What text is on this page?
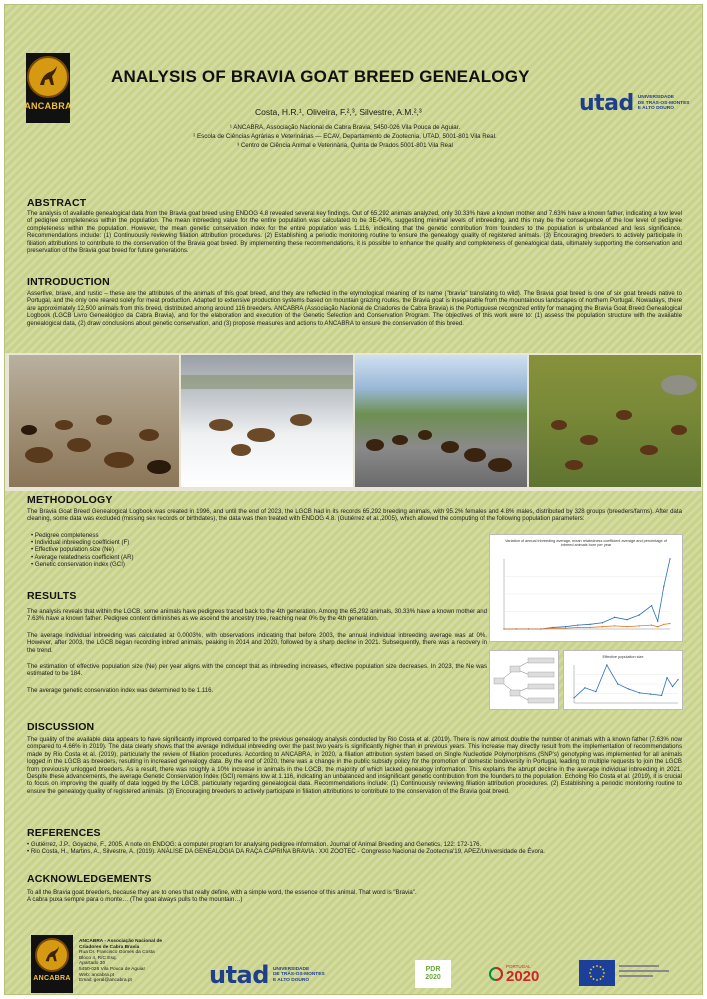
ANCABRA
ANALYSIS OF BRAVIA GOAT BREED GENEALOGY
Costa, H.R.¹, Oliveira, F.²,³, Silvestre, A.M.²,³
¹ ANCABRA, Associação Nacional de Cabra Bravia, 5450-026 Vila Pouca de Aguiar.
² Escola de Ciências Agrárias e Veterinárias — ECAV, Departamento de Zootecnia, UTAD, 5001-801 Vila Real.
³ Centro de Ciência Animal e Veterinária, Quinta de Prados 5001-801 Vila Real
utad UNIVERSIDADE
DE TRÁS-OS-MONTES
E ALTO DOURO
ABSTRACT

The analysis of available genealogical data from the Bravia goat breed using ENDOG 4.8 revealed several key findings. Out of 65,292 animals analyzed, only 30.33% have a known mother and 7.63% have a known father, indicating a low level of pedigree completeness within the population. The mean inbreeding value for the entire population was calculated to be 3E-04%, suggesting minimal levels of inbreeding, and this may be the consequence of the low level of pedigree completeness within the population. However, the mean genetic conservation index for the entire population was 1.116, indicating that the genetic contribution from founders to the population is unbalanced and less significance. Recommendations include: (1) Continuously reviewing filiation attribution procedures. (2) Establishing a periodic monitoring routine to ensure the genealogy quality of registered animals. (3) Encouraging breeders to actively participate in filiation attributions to contribute to the conservation of the Bravia goat breed. By implementing these recommendations, it is possible to enhance the quality and completeness of genealogical data, ultimately supporting the conservation and preservation of the Bravia goat breed for future generations.

INTRODUCTION

Assertive, brave, and rustic – these are the attributes of the animals of this goat breed, and they are reflected in the etymological meaning of its name ("bravia" translating to wild). The Bravia goat breed is one of six goat breeds native to Portugal, and the only one reared solely for meat production. Adapted to extensive production systems based on mountain grazing routes, the Bravia goat is inseparable from the mountainous landscapes of northern Portugal. Nowadays, there are approximately 12,500 animals from this breed, distributed among around 116 breeders. ANCABRA (Associação Nacional de Criadores de Cabra Bravia) is the Portuguese recognized entity for managing the Bravia Goat Breed Genealogical Logbook (LGCB Livro Genealógico da Cabra Bravia), and for the elaboration and execution of the Genetic Selection and Conservation Program. The objectives of this work were to: (1) assess the population structure with the available genealogical data, (2) draw conclusions about genetic conservation, and (3) propose measures and actions to ANCABRA to ensure the conservation of this breed.

METHODOLOGY

The Bravia Goat Breed Genealogical Logbook was created in 1996, and until the end of 2023, the LGCB had in its records 65,292 breeding animals, with 95.2% females and 4.8% males, distributed by 328 groups (breeders/farms). After data cleaning, some data was excluded (missing sex records or birthdates), the data was then treated with ENDOG 4.8. (Gutiérrez et al.,2005), which allowed the computing of the following population parameters:

• Pedigree completeness
• Individual inbreeding coefficient (F)
• Effective population size (Ne)
• Average relatedness coefficient (AR)
• Genetic conservation index (GCI)
RESULTS

The analysis reveals that within the LGCB, some animals have pedigrees traced back to the 4th generation. Among the 65,292 animals, 30.33% have a known mother and 7.63% have a known father. Pedigree content diminishes as we ascend the ancestry tree, reaching near 0% by the 4th generation.

The average individual inbreeding was calculated at 0.0003%, with observations indicating that before 2003, the annual individual inbreeding average was at 0%. However, after 2003, the LGCB began recording inbred animals, peaking in 2014 and 2020, followed by a sharp decline in 2021. Subsequently, there was a recovery in the trend.

The estimation of effective population size (Ne) per year aligns with the concept that as inbreeding increases, effective population size decreases. In 2023, the Ne was estimated to be 184.

The average genetic conservation index was determined to be 1.116.

Variation of annual inbreeding average, mean relatedness coefficient average and percentage of inbreed animals born per year
Effective population size
DISCUSSION

The quality of the available data appears to have significantly improved compared to the previous genealogy analysis conducted by Rio Costa et al. (2019). There is now almost double the number of animals with a known father (7.63% now compared to 4.66% in 2019). The data clearly shows that the average individual inbreeding over the past two years is significantly higher than in previous years. This increase may directly result from the implementation of recommendations made by Rio Costa et al. (2019), particularly the review of filiation procedures. According to ANCABRA, in 2020, a filiation attribution system based on Single Nucleotide Polymorphisms (SNP's) genotyping was implemented for all animals logged in the LGCB as breeders, resulting in increased genealogy data. By the end of 2020, there was a change in the public subsidy policy for the promotion of domestic biodiversity in Portugal, leading to multiple requests to join the LGCB from previously unlogged breeders. As a result, there was roughly a 10% increase in animals in the LGCB, the majority of which lacked genealogy information. This explains the abrupt decline in the average individual inbreeding in 2021. Despite these advancements, the average Genetic Conservation Index (GCI) remains low at 1.116, indicating an unbalanced and insignificant genetic contribution from the founders to the population. Echoing Rio Costa et al. (2019), it is crucial to focus on improving the quality of data logged by the LGCB, particularly regarding genealogical data. Recommendations include: (1) Continuously reviewing filiation attribution procedures. (2) Establishing a periodic monitoring routine to ensure the genealogy quality of registered animals. (3) Encouraging breeders to actively participate in filiation attributions to contribute to the conservation of the Bravia goat breed.

REFERENCES
• Gutiérrez, J.P., Goyache, F., 2005. A note on ENDOG: a computer program for analysing pedigree information. Journal of Animal Breeding and Genetics, 122: 172-176.
• Rio Costa, H., Martins, A., Silvestre, A. (2019). ANÁLISE DA GENEALOGIA DA RAÇA CAPRINA BRAVIA . XXI ZOOTEC - Congresso Nacional de Zootecnia'19, APEZ/Universidade de Évora.
ACKNOWLEDGEMENTS

To all the Bravia goat breeders, because they are to ones that really define, with a simple word, the essence of this animal. That word is "Bravia".

A cabra puxa sempre para o monte… (The goat always pulls to the mountain…)

ANCABRA
ANCABRA - Associação Nacional de Criadores de Cabra Bravia
Rua Dr. Francisco Gomes da Costa
Bloco 4, R/C Esq.
Apartado 30
5450-026 Vila Pouca de Aguiar
Web: ancabra.pt
Email: geral@ancabra.pt	utad UNIVERSIDADE
DE TRÁS-OS-MONTES
E ALTO DOURO
PDR 2020
PORTUGAL
2020
